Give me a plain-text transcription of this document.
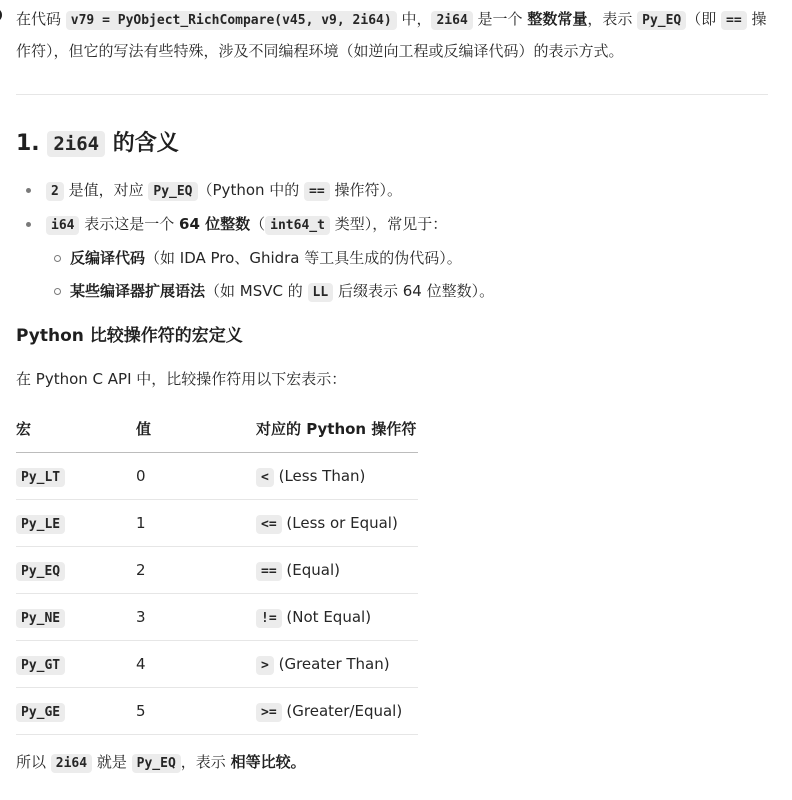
在代码 v79 = PyObject_RichCompare(v45, v9, 2i64) 中， 2i64 是一个 整数常量，表示 Py_EQ （即 == 操作符），但它的写法有些特殊，涉及不同编程环境（如逆向工程或反编译代码）的表示方式。
1. 2i64 的含义
2 是值，对应 Py_EQ （Python 中的 == 操作符）。
i64 表示这是一个 64 位整数（ int64_t 类型），常见于：
反编译代码（如 IDA Pro、Ghidra 等工具生成的伪代码）。
某些编译器扩展语法（如 MSVC 的 LL 后缀表示 64 位整数）。
Python 比较操作符的宏定义
在 Python C API 中，比较操作符用以下宏表示：
宏	值	对应的 Python 操作符
Py_LT	0	< (Less Than)
Py_LE	1	<= (Less or Equal)
Py_EQ	2	== (Equal)
Py_NE	3	!= (Not Equal)
Py_GT	4	> (Greater Than)
Py_GE	5	>= (Greater/Equal)
所以 2i64 就是 Py_EQ ，表示 相等比较。
